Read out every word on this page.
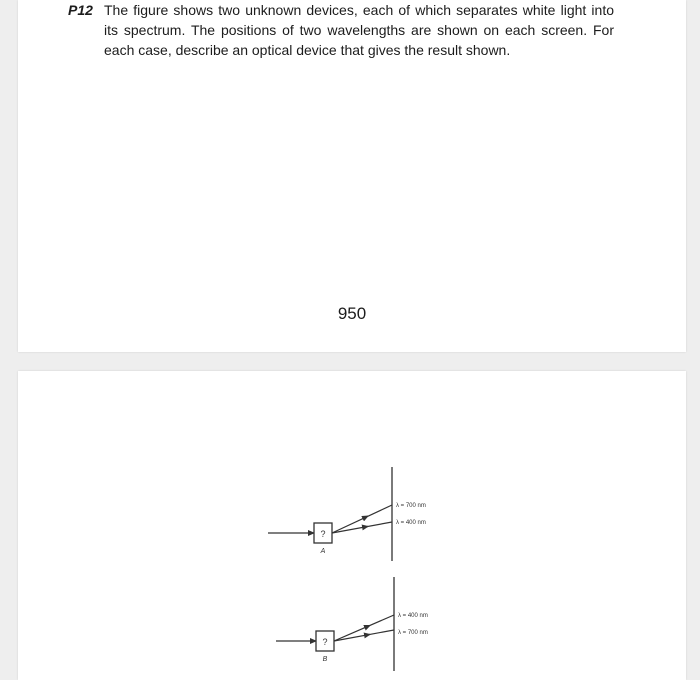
P12 The figure shows two unknown devices, each of which separates white light into its spectrum. The positions of two wavelengths are shown on each screen. For each case, describe an optical device that gives the result shown.

950
?
A
λ = 700 nm
λ = 400 nm
?
B
λ = 400 nm
λ = 700 nm
